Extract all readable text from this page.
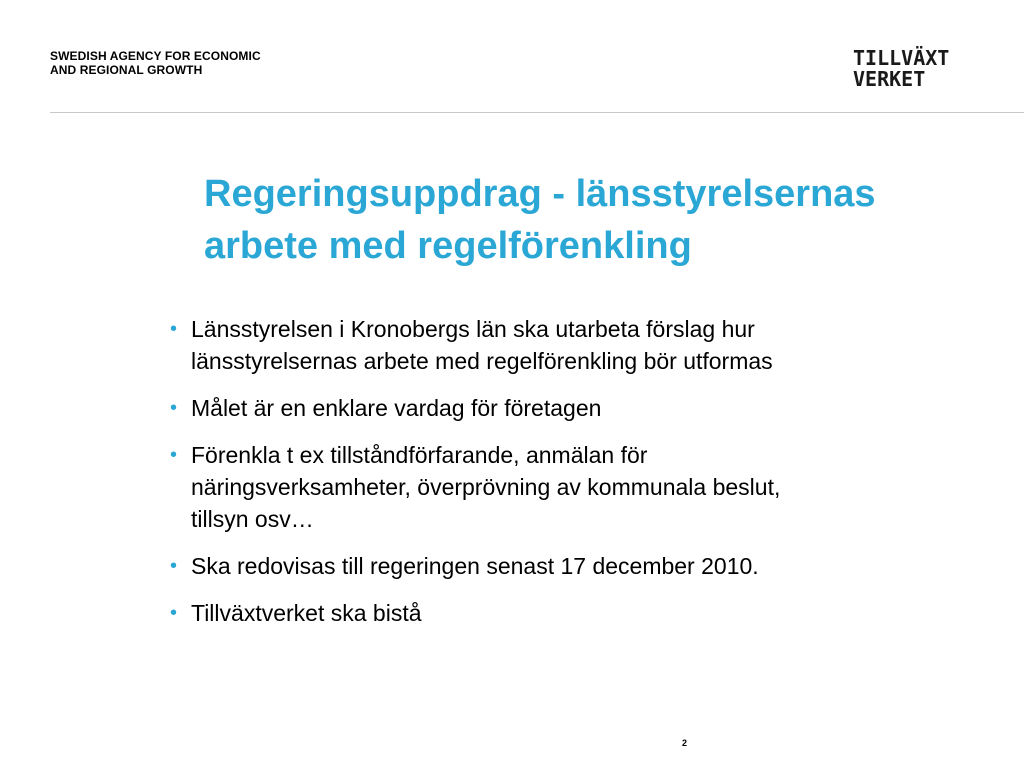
SWEDISH AGENCY FOR ECONOMIC
AND REGIONAL GROWTH	TILLVÄXT
VERKET
Regeringsuppdrag - länsstyrelsernas
arbete med regelförenkling
• Länsstyrelsen i Kronobergs län ska utarbeta förslag hur
länsstyrelsernas arbete med regelförenkling bör utformas
• Målet är en enklare vardag för företagen
• Förenkla t ex tillståndförfarande, anmälan för
näringsverksamheter, överprövning av kommunala beslut,
tillsyn osv…
• Ska redovisas till regeringen senast 17 december 2010.
• Tillväxtverket ska bistå
2
